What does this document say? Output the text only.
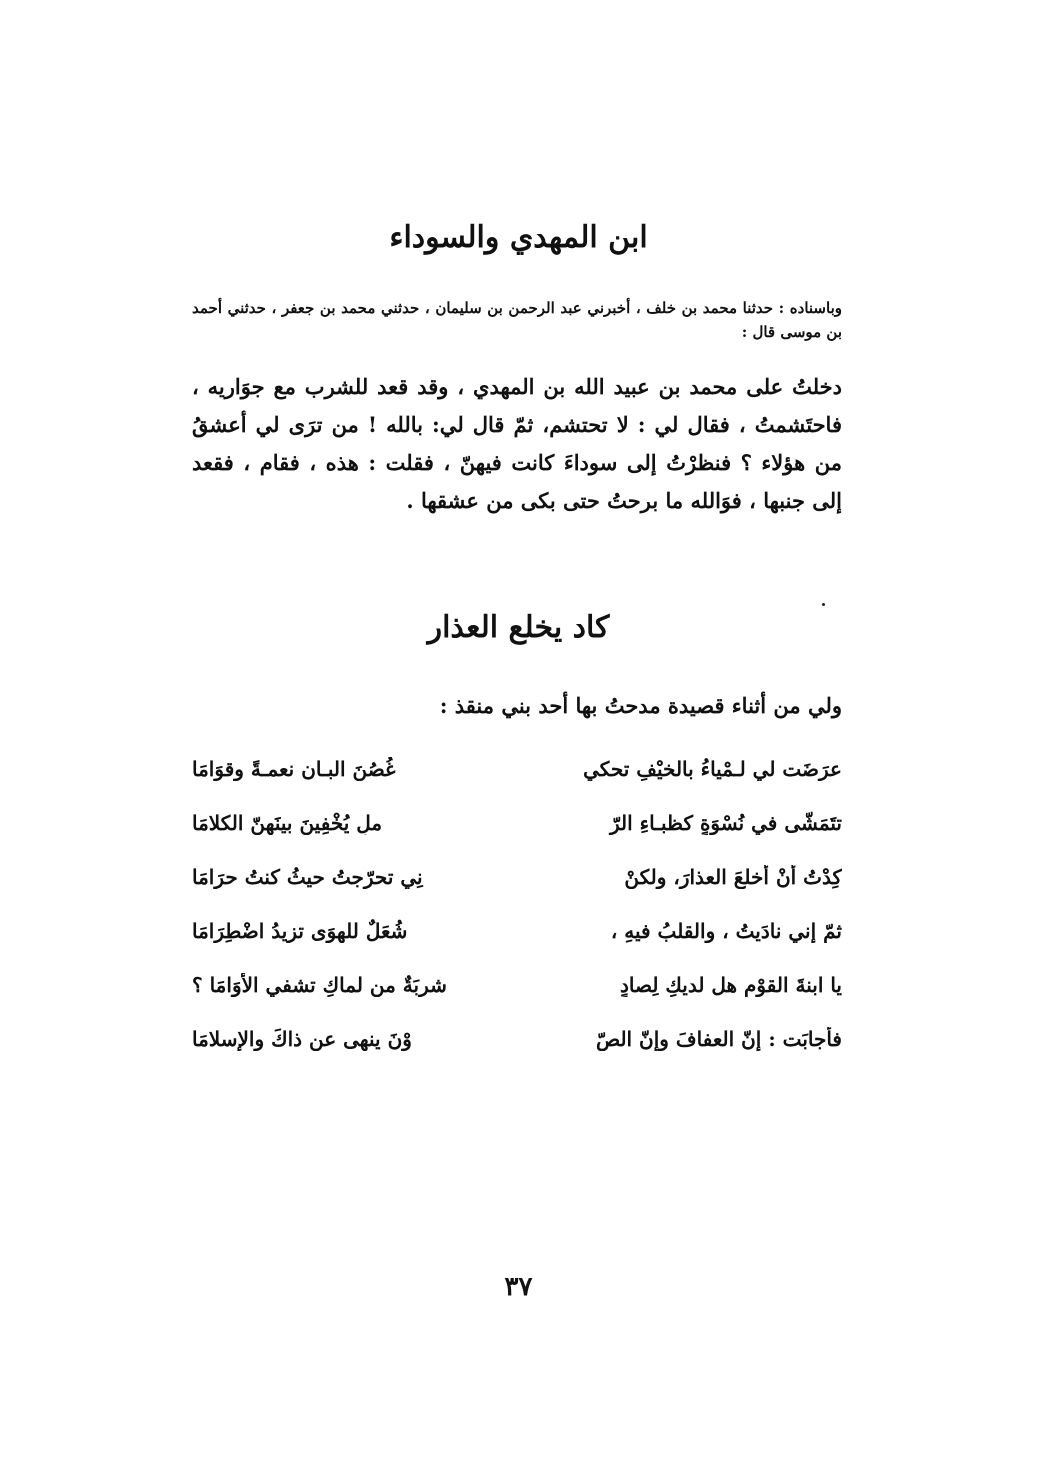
ابن المهدي والسوداء
وباسناده : حدثنا محمد بن خلف ، أخبرني عبد الرحمن بن سليمان ، حدثني محمد بن جعفر ، حدثني أحمد بن موسى قال :
دخلتُ على محمد بن عبيد الله بن المهدي ، وقد قعد للشرب مع جوَاريه ، فاحتَشمتُ ، فقال لي : لا تحتشم، ثمّ قال لي: بالله ! من ترَى لي أعشقُ من هؤلاء ؟ فنظرْتُ إلى سوداءَ كانت فيهنّ ، فقلت : هذه ، فقام ، فقعد إلى جنبها ، فوَالله ما برحتُ حتى بكى من عشقها .
كاد يخلع العذار
ولي من أثناء قصيدة مدحتُ بها أحد بني منقذ :
عرَضَت لي لـمْياءُ بالخيْفِ تحكي
غُصُنَ البـان نعمـةً وقوَامَا
تتَمَشّى في نُسْوَةٍ كظبـاءِ الرّ
ملِ يُخْفِينَ بينَهنّ الكلامَا
كِدْتُ أنْ أخلعَ العذارَ، ولكنْ
نِي تحرّجتُ حيثُ كنتُ حرَامَا
ثمّ إني نادَيتُ ، والقلبُ فيهِ ،
شُعَلٌ للهوَى تزيدُ اضْطِرَامَا
يا ابنةَ القوْمِ هل لديكِ لِصادٍ
شربَةٌ من لماكِ تشفي الأُوَامَا ؟
فأجابَت : إنّ العفافَ وإنّ الصّ
وْنَ ينهى عن ذاكَ والإسلامَا
٣٧
